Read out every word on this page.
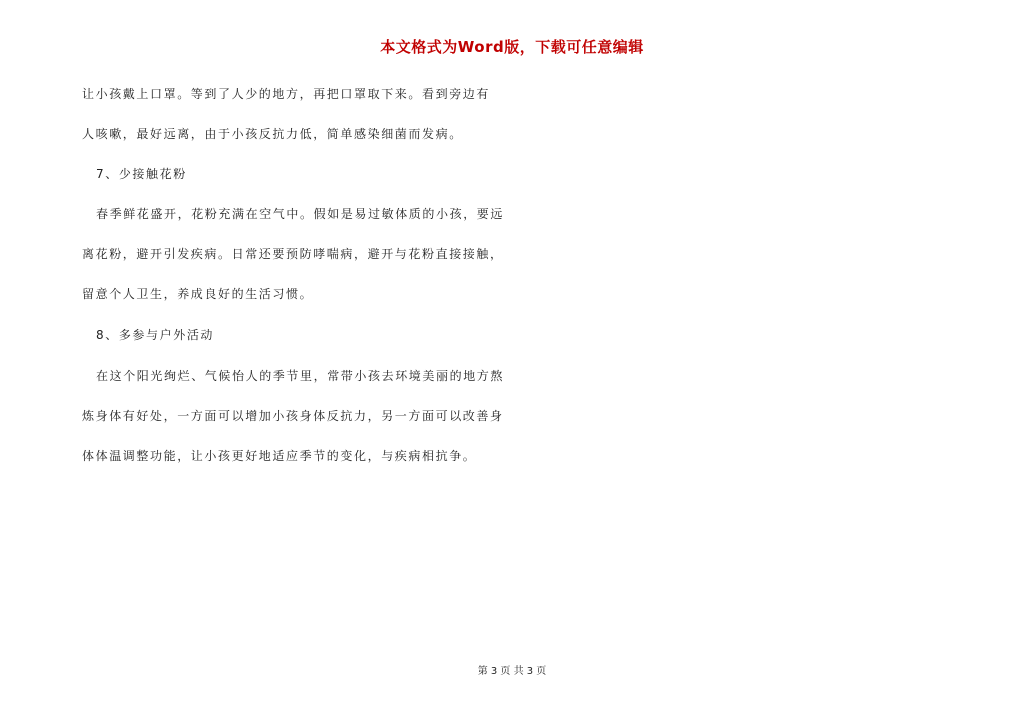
本文格式为Word版，下载可任意编辑
让小孩戴上口罩。等到了人少的地方，再把口罩取下来。看到旁边有
人咳嗽，最好远离，由于小孩反抗力低，简单感染细菌而发病。
7、少接触花粉
春季鲜花盛开，花粉充满在空气中。假如是易过敏体质的小孩，要远
离花粉，避开引发疾病。日常还要预防哮喘病，避开与花粉直接接触，
留意个人卫生，养成良好的生活习惯。
8、多参与户外活动
在这个阳光绚烂、气候怡人的季节里，常带小孩去环境美丽的地方熬
炼身体有好处，一方面可以增加小孩身体反抗力，另一方面可以改善身
体体温调整功能，让小孩更好地适应季节的变化，与疾病相抗争。
第 3 页 共 3 页
